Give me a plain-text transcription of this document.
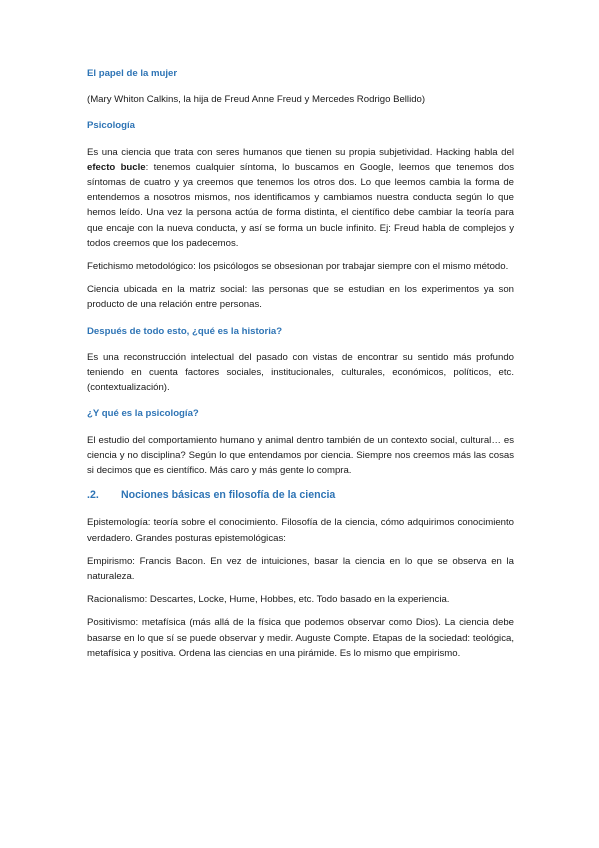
El papel de la mujer
(Mary Whiton Calkins, la hija de Freud Anne Freud y Mercedes Rodrigo Bellido)
Psicología
Es una ciencia que trata con seres humanos que tienen su propia subjetividad. Hacking habla del efecto bucle: tenemos cualquier síntoma, lo buscamos en Google, leemos que tenemos dos síntomas de cuatro y ya creemos que tenemos los otros dos. Lo que leemos cambia la forma de entendemos a nosotros mismos, nos identificamos y cambiamos nuestra conducta según lo que hemos leído. Una vez la persona actúa de forma distinta, el científico debe cambiar la teoría para que encaje con la nueva conducta, y así se forma un bucle infinito. Ej: Freud habla de complejos y todos creemos que los padecemos.
Fetichismo metodológico: los psicólogos se obsesionan por trabajar siempre con el mismo método.
Ciencia ubicada en la matriz social: las personas que se estudian en los experimentos ya son producto de una relación entre personas.
Después de todo esto, ¿qué es la historia?
Es una reconstrucción intelectual del pasado con vistas de encontrar su sentido más profundo teniendo en cuenta factores sociales, institucionales, culturales, económicos, políticos, etc. (contextualización).
¿Y qué es la psicología?
El estudio del comportamiento humano y animal dentro también de un contexto social, cultural… es ciencia y no disciplina? Según lo que entendamos por ciencia. Siempre nos creemos más las cosas si decimos que es científico. Más caro y más gente lo compra.
.2.	Nociones básicas en filosofía de la ciencia
Epistemología: teoría sobre el conocimiento. Filosofía de la ciencia, cómo adquirimos conocimiento verdadero. Grandes posturas epistemológicas:
Empirismo: Francis Bacon. En vez de intuiciones, basar la ciencia en lo que se observa en la naturaleza.
Racionalismo: Descartes, Locke, Hume, Hobbes, etc. Todo basado en la experiencia.
Positivismo: metafísica (más allá de la física que podemos observar como Dios). La ciencia debe basarse en lo que sí se puede observar y medir. Auguste Compte. Etapas de la sociedad: teológica, metafísica y positiva. Ordena las ciencias en una pirámide. Es lo mismo que empirismo.
